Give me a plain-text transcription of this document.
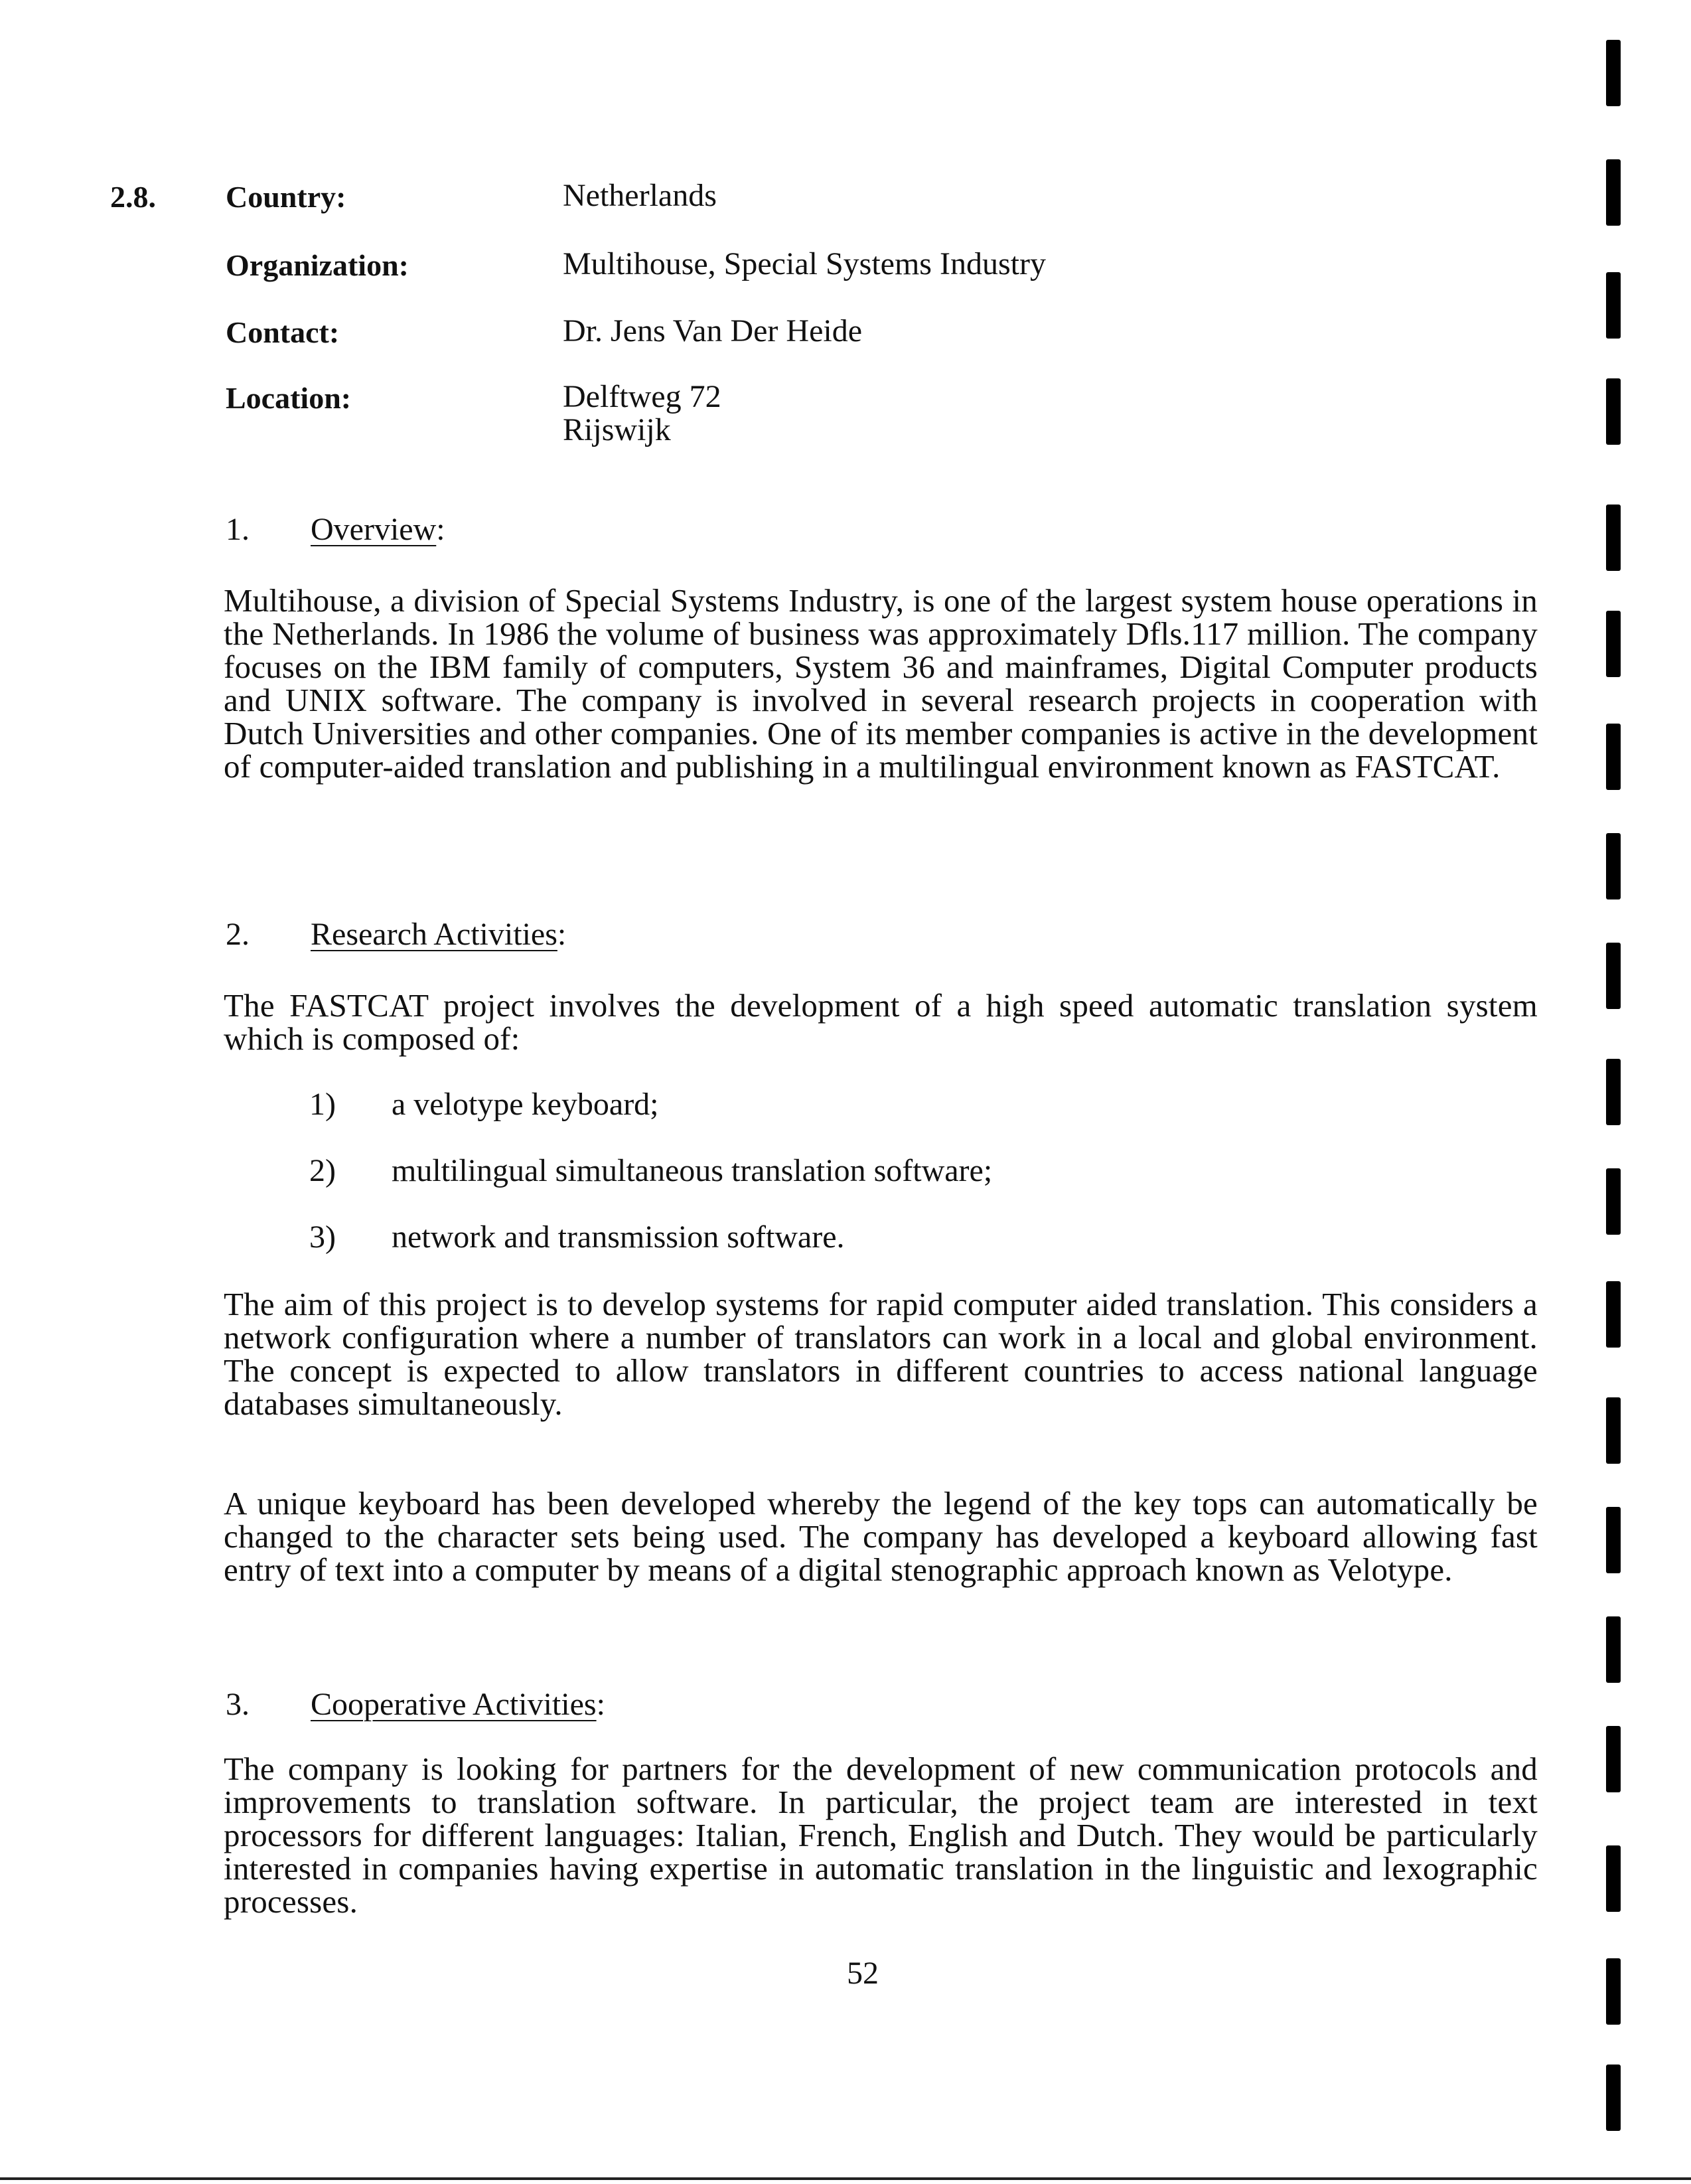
2.8. Country:	Netherlands
Organization:	Multihouse, Special Systems Industry
Contact:	Dr. Jens Van Der Heide
Location:	Delftweg 72
Rijswijk
1. Overview:
Multihouse, a division of Special Systems Industry, is one of the largest system house operations in the Netherlands. In 1986 the volume of business was approximately Dfls.117 million. The company focuses on the IBM family of computers, System 36 and mainframes, Digital Computer products and UNIX software. The company is involved in several research projects in cooperation with Dutch Universities and other companies. One of its member companies is active in the development of computer-aided translation and publishing in a multilingual environment known as FASTCAT.
2. Research Activities:
The FASTCAT project involves the development of a high speed automatic translation system which is composed of:
1) a velotype keyboard;
2) multilingual simultaneous translation software;
3) network and transmission software.
The aim of this project is to develop systems for rapid computer aided translation. This considers a network configuration where a number of translators can work in a local and global environment. The concept is expected to allow translators in different countries to access national language databases simultaneously.
A unique keyboard has been developed whereby the legend of the key tops can automatically be changed to the character sets being used. The company has developed a keyboard allowing fast entry of text into a computer by means of a digital stenographic approach known as Velotype.
3. Cooperative Activities:
The company is looking for partners for the development of new communication protocols and improvements to translation software. In particular, the project team are interested in text processors for different languages: Italian, French, English and Dutch. They would be particularly interested in companies having expertise in automatic translation in the linguistic and lexographic processes.
52
